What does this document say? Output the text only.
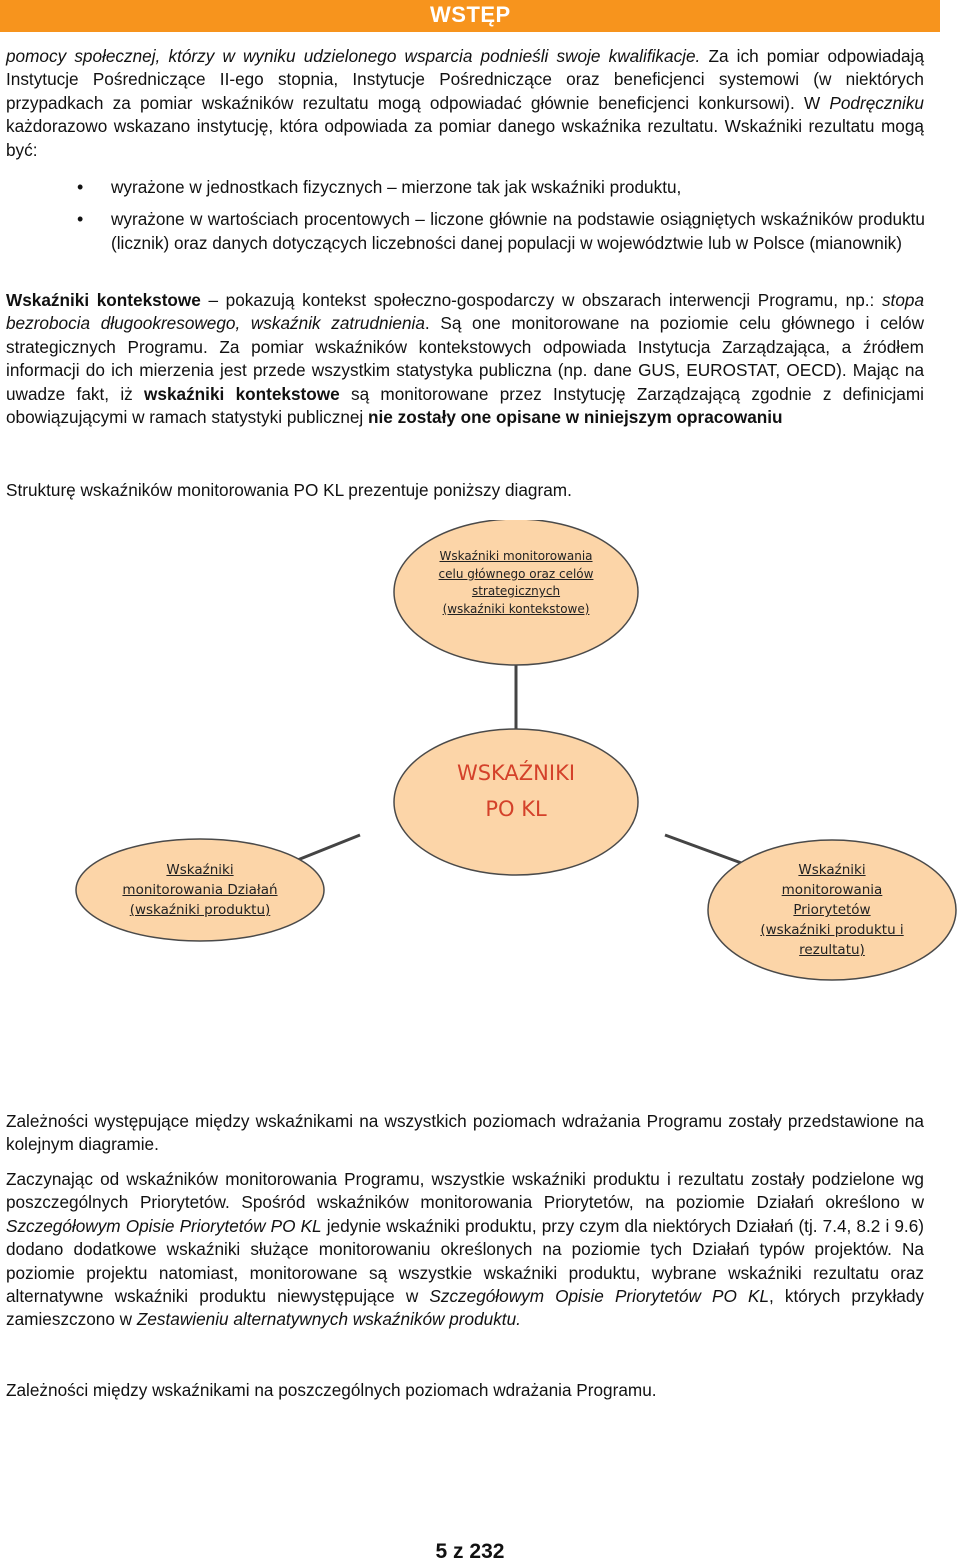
WSTĘP

pomocy społecznej, którzy w wyniku udzielonego wsparcia podnieśli swoje kwalifikacje. Za ich pomiar odpowiadają Instytucje Pośredniczące II-ego stopnia, Instytucje Pośredniczące oraz beneficjenci systemowi (w niektórych przypadkach za pomiar wskaźników rezultatu mogą odpowiadać głównie beneficjenci konkursowi). W Podręczniku każdorazowo wskazano instytucję, która odpowiada za pomiar danego wskaźnika rezultatu. Wskaźniki rezultatu mogą być:

• wyrażone w jednostkach fizycznych – mierzone tak jak wskaźniki produktu,
• wyrażone w wartościach procentowych – liczone głównie na podstawie osiągniętych wskaźników produktu (licznik) oraz danych dotyczących liczebności danej populacji w województwie lub w Polsce (mianownik)

Wskaźniki kontekstowe – pokazują kontekst społeczno-gospodarczy w obszarach interwencji Programu, np.: stopa bezrobocia długookresowego, wskaźnik zatrudnienia. Są one monitorowane na poziomie celu głównego i celów strategicznych Programu. Za pomiar wskaźników kontekstowych odpowiada Instytucja Zarządzająca, a źródłem informacji do ich mierzenia jest przede wszystkim statystyka publiczna (np. dane GUS, EUROSTAT, OECD). Mając na uwadze fakt, iż wskaźniki kontekstowe są monitorowane przez Instytucję Zarządzającą zgodnie z definicjami obowiązującymi w ramach statystyki publicznej nie zostały one opisane w niniejszym opracowaniu

Strukturę wskaźników monitorowania PO KL prezentuje poniższy diagram.

Wskaźniki monitorowania
celu głównego oraz celów
strategicznych
(wskaźniki kontekstowe)
WSKAŹNIKI
PO KL
Wskaźniki
monitorowania Działań
(wskaźniki produktu)
Wskaźniki
monitorowania
Priorytetów
(wskaźniki produktu i
rezultatu)

Zależności występujące między wskaźnikami na wszystkich poziomach wdrażania Programu zostały przedstawione na kolejnym diagramie.

Zaczynając od wskaźników monitorowania Programu, wszystkie wskaźniki produktu i rezultatu zostały podzielone wg poszczególnych Priorytetów. Spośród wskaźników monitorowania Priorytetów, na poziomie Działań określono w Szczegółowym Opisie Priorytetów PO KL jedynie wskaźniki produktu, przy czym dla niektórych Działań (tj. 7.4, 8.2 i 9.6) dodano dodatkowe wskaźniki służące monitorowaniu określonych na poziomie tych Działań typów projektów. Na poziomie projektu natomiast, monitorowane są wszystkie wskaźniki produktu, wybrane wskaźniki rezultatu oraz alternatywne wskaźniki produktu niewystępujące w Szczegółowym Opisie Priorytetów PO KL, których przykłady zamieszczono w Zestawieniu alternatywnych wskaźników produktu.

Zależności między wskaźnikami na poszczególnych poziomach wdrażania Programu.

5 z 232
